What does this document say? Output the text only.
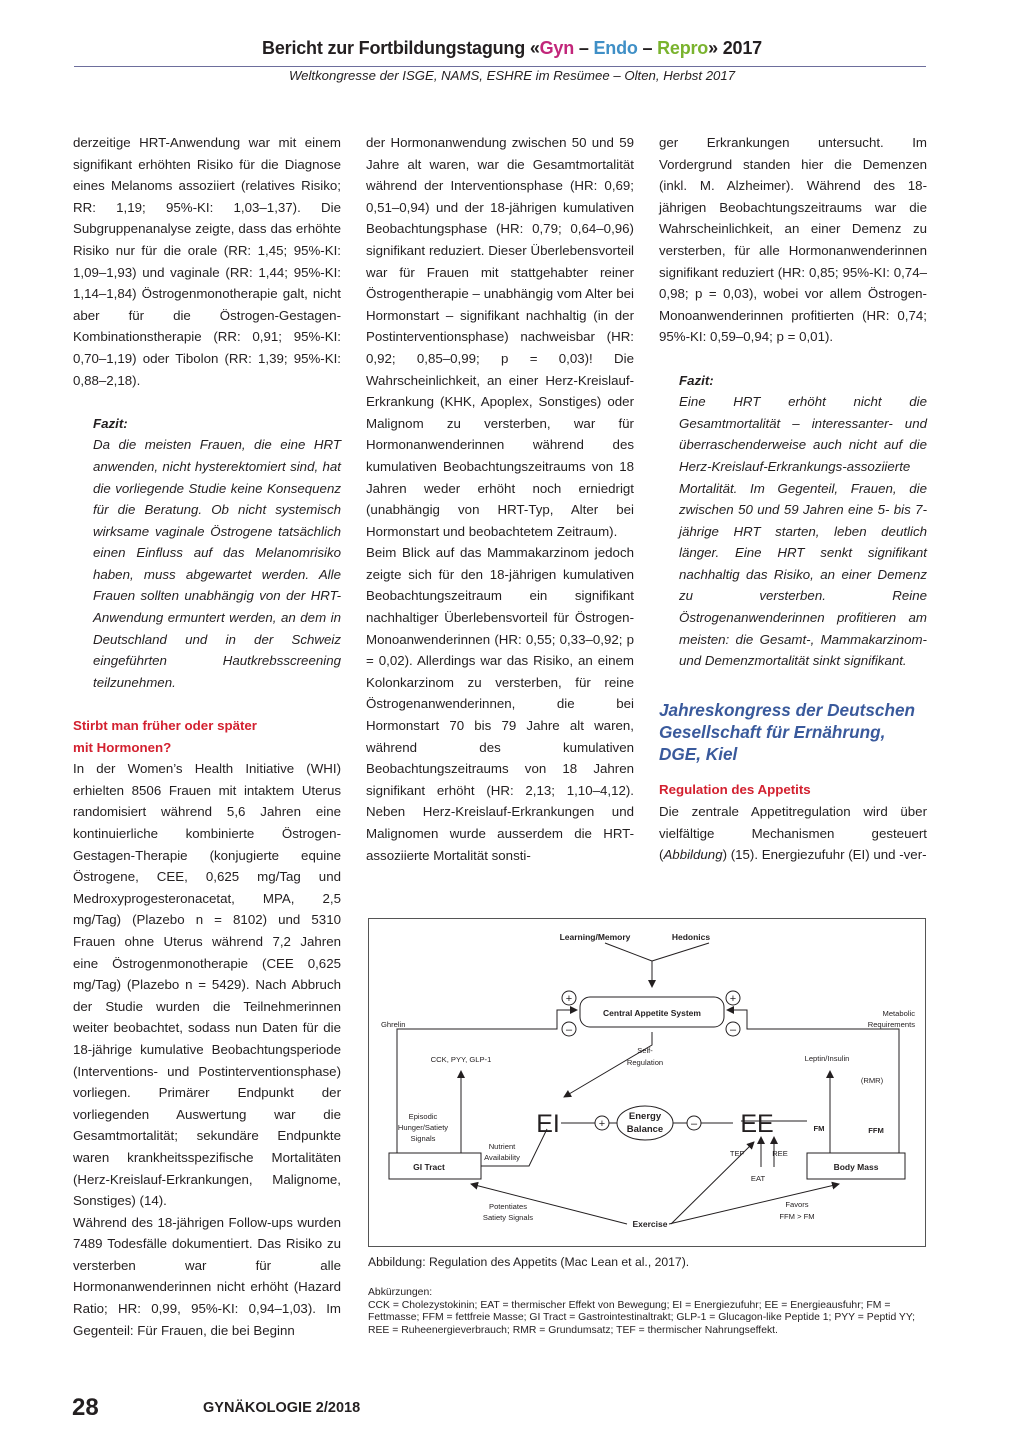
Bericht zur Fortbildungstagung «Gyn – Endo – Repro» 2017
Weltkongresse der ISGE, NAMS, ESHRE im Resümee – Olten, Herbst 2017

derzeitige HRT-Anwendung war mit einem signifikant erhöhten Risiko für die Diagnose eines Melanoms assoziiert (relatives Risiko; RR: 1,19; 95%-KI: 1,03–1,37). Die Subgruppenanalyse zeigte, dass das erhöhte Risiko nur für die orale (RR: 1,45; 95%-KI: 1,09–1,93) und vaginale (RR: 1,44; 95%-KI: 1,14–1,84) Östrogenmonotherapie galt, nicht aber für die Östrogen-Gestagen-Kombinationstherapie (RR: 0,91; 95%-KI: 0,70–1,19) oder Tibolon (RR: 1,39; 95%-KI: 0,88–2,18).

Fazit:
Da die meisten Frauen, die eine HRT anwenden, nicht hysterektomiert sind, hat die vorliegende Studie keine Konsequenz für die Beratung. Ob nicht systemisch wirksame vaginale Östrogene tatsächlich einen Einfluss auf das Melanomrisiko haben, muss abgewartet werden. Alle Frauen sollten unabhängig von der HRT-Anwendung ermuntert werden, an dem in Deutschland und in der Schweiz eingeführten Hautkrebsscreening teilzunehmen.
Stirbt man früher oder später
mit Hormonen?

In der Women’s Health Initiative (WHI) erhielten 8506 Frauen mit intaktem Uterus randomisiert während 5,6 Jahren eine kontinuierliche kombinierte Östrogen-Gestagen-Therapie (konjugierte equine Östrogene, CEE, 0,625 mg/Tag und Medroxyprogesteronacetat, MPA, 2,5 mg/Tag) (Plazebo n = 8102) und 5310 Frauen ohne Uterus während 7,2 Jahren eine Östrogenmonotherapie (CEE 0,625 mg/Tag) (Plazebo n = 5429). Nach Abbruch der Studie wurden die Teilnehmerinnen weiter beobachtet, sodass nun Daten für die 18-jährige kumulative Beobachtungsperiode (Interventions- und Postinterventionsphase) vorliegen. Primärer Endpunkt der vorliegenden Auswertung war die Gesamtmortalität; sekundäre Endpunkte waren krankheitsspezifische Mortalitäten (Herz-Kreislauf-Erkrankungen, Malignome, Sonstiges) (14).

Während des 18-jährigen Follow-ups wurden 7489 Todesfälle dokumentiert. Das Risiko zu versterben war für alle Hormonanwenderinnen nicht erhöht (Hazard Ratio; HR: 0,99, 95%-KI: 0,94–1,03). Im Gegenteil: Für Frauen, die bei Beginn

der Hormonanwendung zwischen 50 und 59 Jahre alt waren, war die Gesamtmortalität während der Interventionsphase (HR: 0,69; 0,51–0,94) und der 18-jährigen kumulativen Beobachtungsphase (HR: 0,79; 0,64–0,96) signifikant reduziert. Dieser Überlebensvorteil war für Frauen mit stattgehabter reiner Östrogentherapie – unabhängig vom Alter bei Hormonstart – signifikant nachhaltig (in der Postinterventionsphase) nachweisbar (HR: 0,92; 0,85–0,99; p = 0,03)! Die Wahrscheinlichkeit, an einer Herz-Kreislauf-Erkrankung (KHK, Apoplex, Sonstiges) oder Malignom zu versterben, war für Hormonanwenderinnen während des kumulativen Beobachtungszeitraums von 18 Jahren weder erhöht noch erniedrigt (unabhängig von HRT-Typ, Alter bei Hormonstart und beobachtetem Zeitraum).

Beim Blick auf das Mammakarzinom jedoch zeigte sich für den 18-jährigen kumulativen Beobachtungszeitraum ein signifikant nachhaltiger Überlebensvorteil für Östrogen-Monoanwenderinnen (HR: 0,55; 0,33–0,92; p = 0,02). Allerdings war das Risiko, an einem Kolonkarzinom zu versterben, für reine Östrogenanwenderinnen, die bei Hormonstart 70 bis 79 Jahre alt waren, während des kumulativen Beobachtungszeitraums von 18 Jahren signifikant erhöht (HR: 2,13; 1,10–4,12). Neben Herz-Kreislauf-Erkrankungen und Malignomen wurde ausserdem die HRT-assoziierte Mortalität sonsti-

ger Erkrankungen untersucht. Im Vordergrund standen hier die Demenzen (inkl. M. Alzheimer). Während des 18-jährigen Beobachtungszeitraums war die Wahrscheinlichkeit, an einer Demenz zu versterben, für alle Hormonanwenderinnen signifikant reduziert (HR: 0,85; 95%-KI: 0,74–0,98; p = 0,03), wobei vor allem Östrogen-Monoanwenderinnen profitierten (HR: 0,74; 95%-KI: 0,59–0,94; p = 0,01).

Fazit:
Eine HRT erhöht nicht die Gesamtmortalität – interessanter- und überraschenderweise auch nicht auf die Herz-Kreislauf-Erkrankungs-assoziierte Mortalität. Im Gegenteil, Frauen, die zwischen 50 und 59 Jahren eine 5- bis 7-jährige HRT starten, leben deutlich länger. Eine HRT senkt signifikant nachhaltig das Risiko, an einer Demenz zu versterben. Reine Östrogenanwenderinnen profitieren am meisten: die Gesamt-, Mammakarzinom- und Demenzmortalität sinkt signifikant.
Jahreskongress der Deutschen Gesellschaft für Ernährung, DGE, Kiel
Regulation des Appetits

Die zentrale Appetitregulation wird über vielfältige Mechanismen gesteuert (Abbildung) (15). Energiezufuhr (EI) und -ver-

Learning/Memory	Hedonics
Central Appetite System
Ghrelin
Metabolic
Requirements
CCK, PYY, GLP-1
Self-
Regulation	Leptin/Insulin
(RMR)
Episodic
Hunger/Satiety
Signals
EI	Energy
Balance	EE	FM	FFM
Nutrient
Availability	TEF	REE
GI Tract	Body Mass
EAT
Potentiates
Satiety Signals
Favors
FFM > FM
Exercise
+
–
+
–
+	–
Abbildung: Regulation des Appetits (Mac Lean et al., 2017).
Abkürzungen:
CCK = Cholezystokinin; EAT = thermischer Effekt von Bewegung; EI = Energiezufuhr; EE = Energieausfuhr; FM = Fettmasse; FFM = fettfreie Masse; GI Tract = Gastrointestinaltrakt; GLP-1 = Glucagon-like Peptide 1; PYY = Peptid YY; REE = Ruheenergieverbrauch; RMR = Grundumsatz; TEF = thermischer Nahrungseffekt.
28	GYNÄKOLOGIE 2/2018
